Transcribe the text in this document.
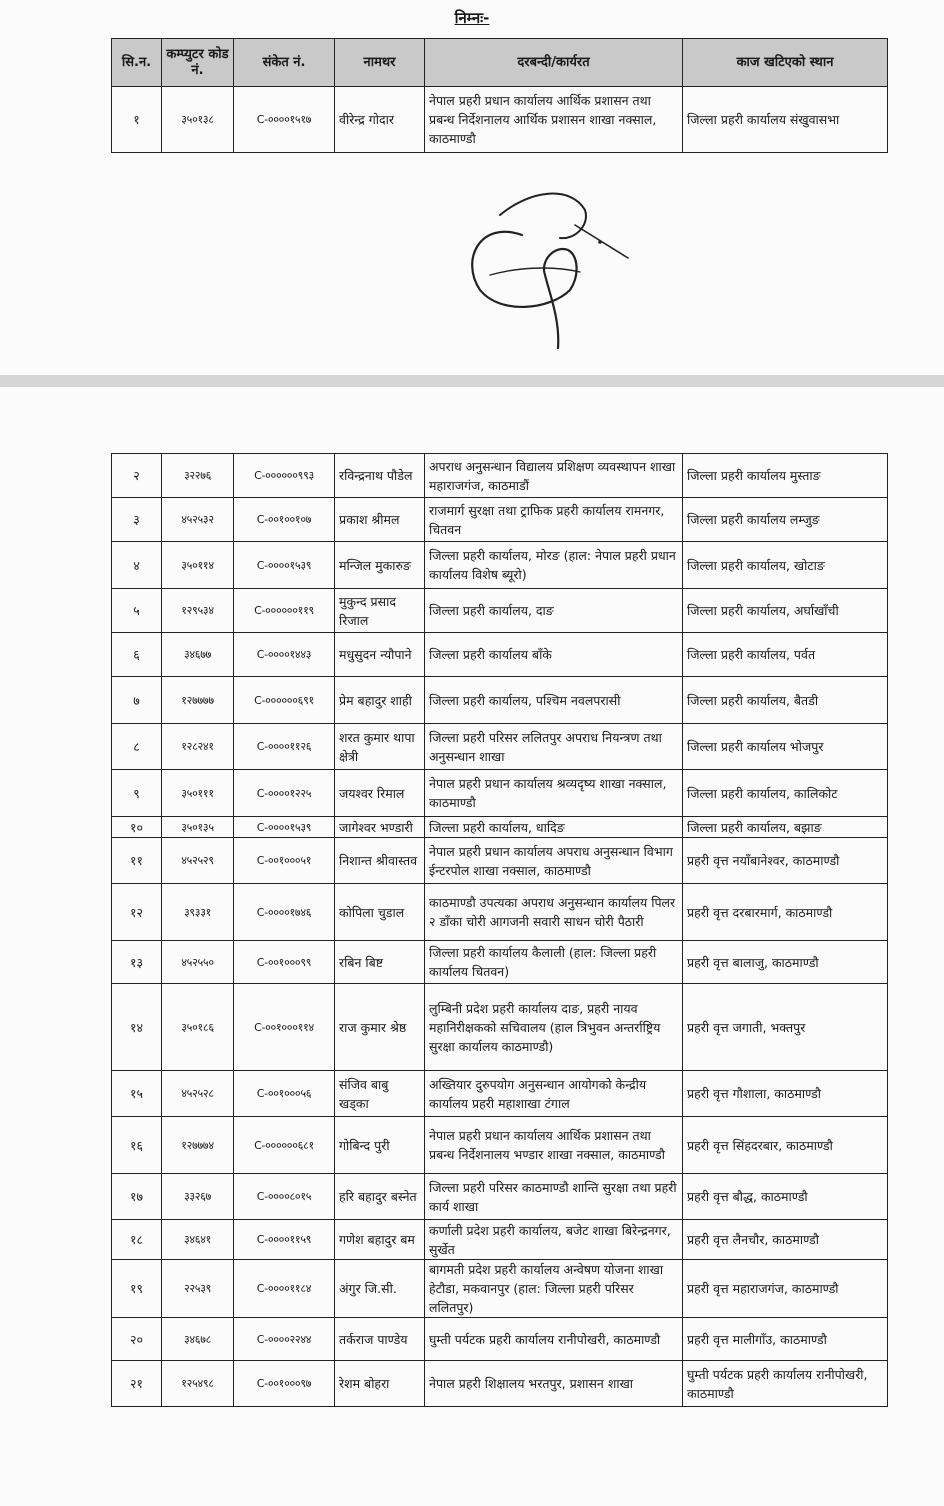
निम्नः-
सि.न.	कम्प्युटर कोड नं.	संकेत नं.	नामथर	दरबन्दी/कार्यरत	काज खटिएको स्थान
१	३५०१३८	C-००००१५१७	वीरेन्द्र गोदार	नेपाल प्रहरी प्रधान कार्यालय आर्थिक प्रशासन तथा प्रबन्ध निर्देशनालय आर्थिक प्रशासन शाखा नक्साल, काठमाण्डौ	जिल्ला प्रहरी कार्यालय संखुवासभा
२	३२२७६	C-००००००९९३	रविन्द्रनाथ पौडेल	अपराध अनुसन्धान विद्यालय प्रशिक्षण व्यवस्थापन शाखा महाराजगंज, काठमाडौं	जिल्ला प्रहरी कार्यालय मुस्ताङ
३	४५२५३२	C-००१००१०७	प्रकाश श्रीमल	राजमार्ग सुरक्षा तथा ट्राफिक प्रहरी कार्यालय रामनगर, चितवन	जिल्ला प्रहरी कार्यालय लम्जुङ
४	३५०११४	C-००००१५३९	मन्जिल मुकारुङ	जिल्ला प्रहरी कार्यालय, मोरङ (हाल: नेपाल प्रहरी प्रधान कार्यालय विशेष ब्यूरो)	जिल्ला प्रहरी कार्यालय, खोटाङ
५	१२९५३४	C-००००००११९	मुकुन्द प्रसाद रिजाल	जिल्ला प्रहरी कार्यालय, दाङ	जिल्ला प्रहरी कार्यालय, अर्घाखाँची
६	३४६७७	C-००००१४४३	मधुसुदन न्यौपाने	जिल्ला प्रहरी कार्यालय बाँके	जिल्ला प्रहरी कार्यालय, पर्वत
७	१२७७७७	C-००००००६९१	प्रेम बहादुर शाही	जिल्ला प्रहरी कार्यालय, पश्चिम नवलपरासी	जिल्ला प्रहरी कार्यालय, बैतडी
८	१२८२४१	C-००००११२६	शरत कुमार थापा क्षेत्री	जिल्ला प्रहरी परिसर ललितपुर अपराध नियन्त्रण तथा अनुसन्धान शाखा	जिल्ला प्रहरी कार्यालय भोजपुर
९	३५०१११	C-००००१२२५	जयश्वर रिमाल	नेपाल प्रहरी प्रधान कार्यालय श्रव्यदृष्य शाखा नक्साल, काठमाण्डौ	जिल्ला प्रहरी कार्यालय, कालिकोट
१०	३५०१३५	C-००००१५३९	जागेश्वर भण्डारी	जिल्ला प्रहरी कार्यालय, धादिङ	जिल्ला प्रहरी कार्यालय, बझाङ
११	४५२५२९	C-००१०००५१	निशान्त श्रीवास्तव	नेपाल प्रहरी प्रधान कार्यालय अपराध अनुसन्धान विभाग ईन्टरपोल शाखा नक्साल, काठमाण्डौ	प्रहरी वृत्त नयाँबानेश्वर, काठमाण्डौ
१२	३९३३१	C-००००१७४६	कोपिला चुडाल	काठमाण्डौ उपत्यका अपराध अनुसन्धान कार्यालय पिलर २ डाँका चोरी आगजनी सवारी साधन चोरी पैठारी	प्रहरी वृत्त दरबारमार्ग, काठमाण्डौ
१३	४५२५५०	C-००१०००९९	रबिन बिष्ट	जिल्ला प्रहरी कार्यालय कैलाली (हाल: जिल्ला प्रहरी कार्यालय चितवन)	प्रहरी वृत्त बालाजु, काठमाण्डौ
१४	३५०१८६	C-००१०००११४	राज कुमार श्रेष्ठ	लुम्बिनी प्रदेश प्रहरी कार्यालय दाङ, प्रहरी नायव महानिरीक्षकको सचिवालय (हाल त्रिभुवन अन्तर्राष्ट्रिय सुरक्षा कार्यालय काठमाण्डौ)	प्रहरी वृत्त जगाती, भक्तपुर
१५	४५२५२८	C-००१०००५६	संजिव बाबु खड्का	अख्तियार दुरुपयोग अनुसन्धान आयोगको केन्द्रीय कार्यालय प्रहरी महाशाखा टंगाल	प्रहरी वृत्त गौशाला, काठमाण्डौ
१६	१२७७७४	C-००००००६८१	गोबिन्द पुरी	नेपाल प्रहरी प्रधान कार्यालय आर्थिक प्रशासन तथा प्रबन्ध निर्देशनालय भण्डार शाखा नक्साल, काठमाण्डौ	प्रहरी वृत्त सिंहदरबार, काठमाण्डौ
१७	३३२६७	C-००००८०१५	हरि बहादुर बस्नेत	जिल्ला प्रहरी परिसर काठमाण्डौ शान्ति सुरक्षा तथा प्रहरी कार्य शाखा	प्रहरी वृत्त बौद्ध, काठमाण्डौ
१८	३४६४१	C-००००११५९	गणेश बहादुर बम	कर्णाली प्रदेश प्रहरी कार्यालय, बजेट शाखा बिरेन्द्रनगर, सुर्खेत	प्रहरी वृत्त लैनचौर, काठमाण्डौ
१९	२२५३९	C-००००११८४	अंगुर जि.सी.	बागमती प्रदेश प्रहरी कार्यालय अन्वेषण योजना शाखा हेटौडा, मकवानपुर (हाल: जिल्ला प्रहरी परिसर ललितपुर)	प्रहरी वृत्त महाराजगंज, काठमाण्डौ
२०	३४६७८	C-००००२२४४	तर्कराज पाण्डेय	घुम्ती पर्यटक प्रहरी कार्यालय रानीपोखरी, काठमाण्डौ	प्रहरी वृत्त मालीगाँउ, काठमाण्डौ
२१	१२५४९८	C-००१०००९७	रेशम बोहरा	नेपाल प्रहरी शिक्षालय भरतपुर, प्रशासन शाखा	घुम्ती पर्यटक प्रहरी कार्यालय रानीपोखरी, काठमाण्डौ
